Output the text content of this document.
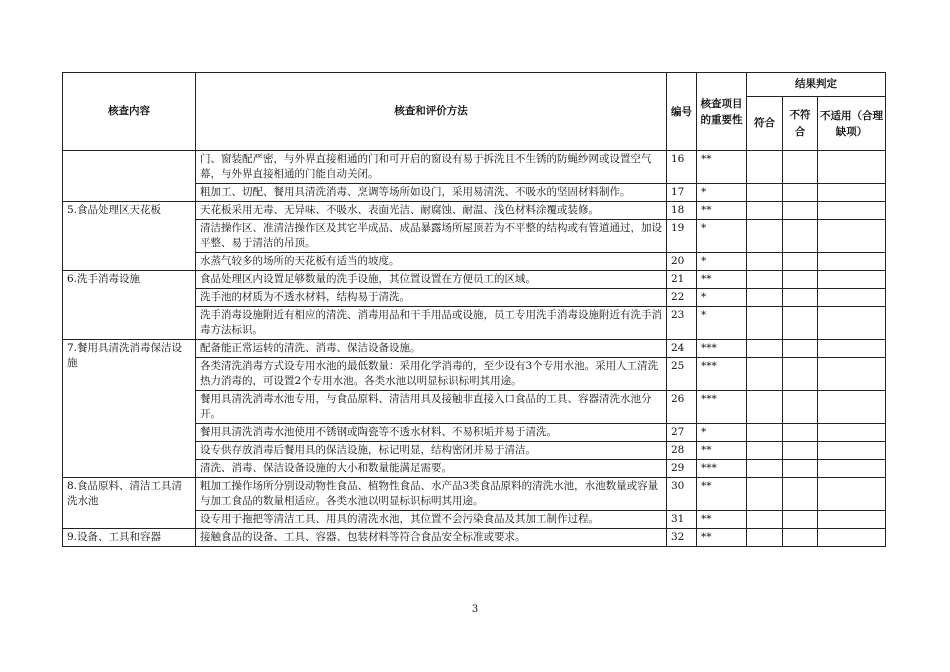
核查内容	核查和评价方法	编号	核查项目的重要性	结果判定		
				符合	不符合	不适用（合理缺项）
	门、窗装配严密，与外界直接相通的门和可开启的窗设有易于拆洗且不生锈的防蝇纱网或设置空气幕，与外界直接相通的门能自动关闭。	16	**			
	粗加工、切配、餐用具清洗消毒、烹调等场所如设门，采用易清洗、不吸水的坚固材料制作。	17	*			
5.食品处理区天花板	天花板采用无毒、无异味、不吸水、表面光洁、耐腐蚀、耐温、浅色材料涂覆或装修。	18	**			
	清洁操作区、准清洁操作区及其它半成品、成品暴露场所屋顶若为不平整的结构或有管道通过，加设平整、易于清洁的吊顶。	19	*			
	水蒸气较多的场所的天花板有适当的坡度。	20	*			
6.洗手消毒设施	食品处理区内设置足够数量的洗手设施，其位置设置在方便员工的区域。	21	**			
	洗手池的材质为不透水材料，结构易于清洗。	22	*			
	洗手消毒设施附近有相应的清洗、消毒用品和干手用品或设施，员工专用洗手消毒设施附近有洗手消毒方法标识。	23	*			
7.餐用具清洗消毒保洁设施	配备能正常运转的清洗、消毒、保洁设备设施。	24	***			
	各类清洗消毒方式设专用水池的最低数量：采用化学消毒的，至少设有3个专用水池。采用人工清洗热力消毒的，可设置2个专用水池。各类水池以明显标识标明其用途。	25	***			
	餐用具清洗消毒水池专用，与食品原料、清洁用具及接触非直接入口食品的工具、容器清洗水池分开。	26	***			
	餐用具清洗消毒水池使用不锈钢或陶瓷等不透水材料、不易积垢并易于清洗。	27	*			
	设专供存放消毒后餐用具的保洁设施，标记明显，结构密闭并易于清洁。	28	**			
	清洗、消毒、保洁设备设施的大小和数量能满足需要。	29	***			
8.食品原料、清洁工具清洗水池	粗加工操作场所分别设动物性食品、植物性食品、水产品3类食品原料的清洗水池，水池数量或容量与加工食品的数量相适应。各类水池以明显标识标明其用途。	30	**			
	设专用于拖把等清洁工具、用具的清洗水池，其位置不会污染食品及其加工制作过程。	31	**			
9.设备、工具和容器	接触食品的设备、工具、容器、包装材料等符合食品安全标准或要求。	32	**			
3
